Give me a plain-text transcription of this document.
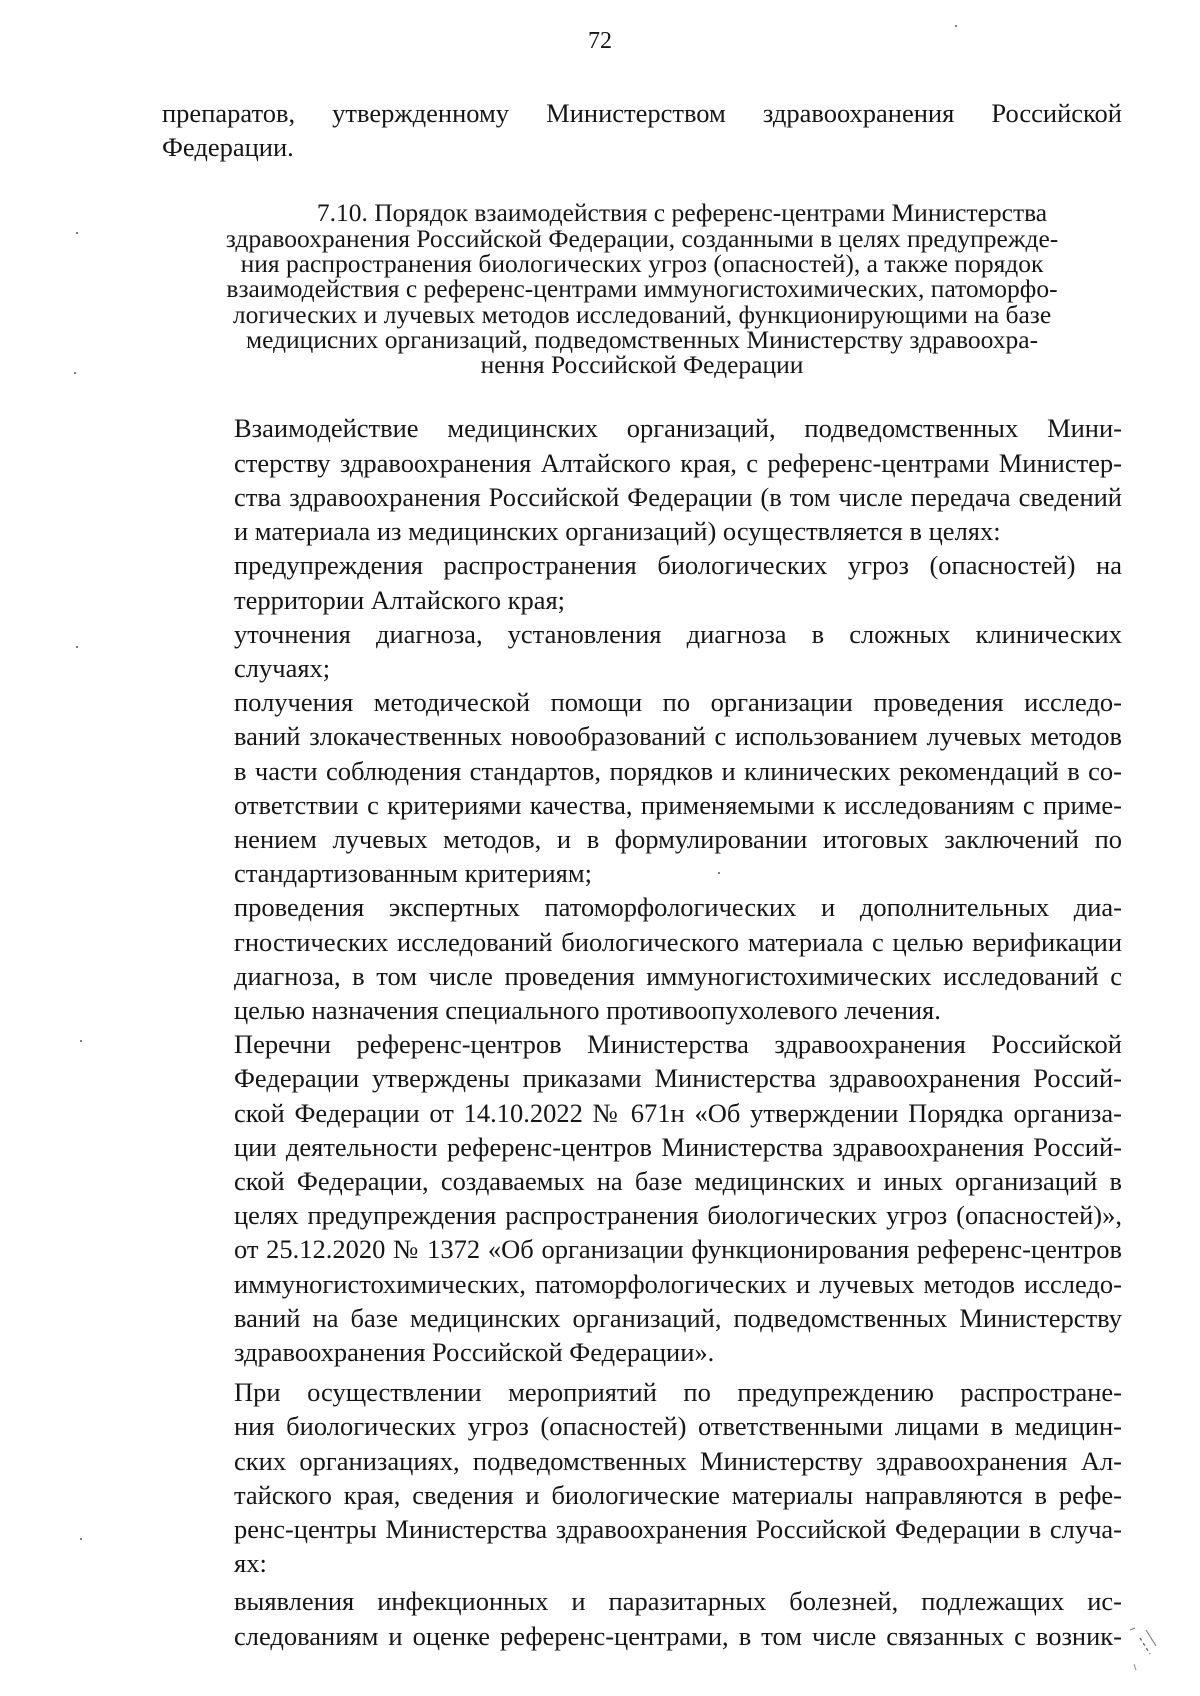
72

препаратов, утвержденному Министерством здравоохранения Российской
Федерации.

7.10. Порядок взаимодействия с референс-центрами Министерства
здравоохранения Российской Федерации, созданными в целях предупрежде-
ния распространения биологических угроз (опасностей), а также порядок
взаимодействия с референс-центрами иммуногистохимических, патоморфо-
логических и лучевых методов исследований, функционирующими на базе
медицисних организаций, подведомственных Министерству здравоохра-
нення Российской Федерации

Взаимодействие медицинских организаций, подведомственных Мини-
стерству здравоохранения Алтайского края, с референс-центрами Министер-
ства здравоохранения Российской Федерации (в том числе передача сведений
и материала из медицинских организаций) осуществляется в целях:

предупреждения распространения биологических угроз (опасностей) на
территории Алтайского края;

уточнения диагноза, установления диагноза в сложных клинических
случаях;

получения методической помощи по организации проведения исследо-
ваний злокачественных новообразований с использованием лучевых методов
в части соблюдения стандартов, порядков и клинических рекомендаций в со-
ответствии с критериями качества, применяемыми к исследованиям с приме-
нением лучевых методов, и в формулировании итоговых заключений по
стандартизованным критериям;

проведения экспертных патоморфологических и дополнительных диа-
гностических исследований биологического материала с целью верификации
диагноза, в том числе проведения иммуногистохимических исследований с
целью назначения специального противоопухолевого лечения.

Перечни референс-центров Министерства здравоохранения Российской
Федерации утверждены приказами Министерства здравоохранения Россий-
ской Федерации от 14.10.2022 № 671н «Об утверждении Порядка организа-
ции деятельности референс-центров Министерства здравоохранения Россий-
ской Федерации, создаваемых на базе медицинских и иных организаций в
целях предупреждения распространения биологических угроз (опасностей)»,
от 25.12.2020 № 1372 «Об организации функционирования референс-центров
иммуногистохимических, патоморфологических и лучевых методов исследо-
ваний на базе медицинских организаций, подведомственных Министерству
здравоохранения Российской Федерации».

При осуществлении мероприятий по предупреждению распростране-
ния биологических угроз (опасностей) ответственными лицами в медицин-
ских организациях, подведомственных Министерству здравоохранения Ал-
тайского края, сведения и биологические материалы направляются в рефе-
ренс-центры Министерства здравоохранения Российской Федерации в случа-
ях:

выявления инфекционных и паразитарных болезней, подлежащих ис-
следованиям и оценке референс-центрами, в том числе связанных с возник-
